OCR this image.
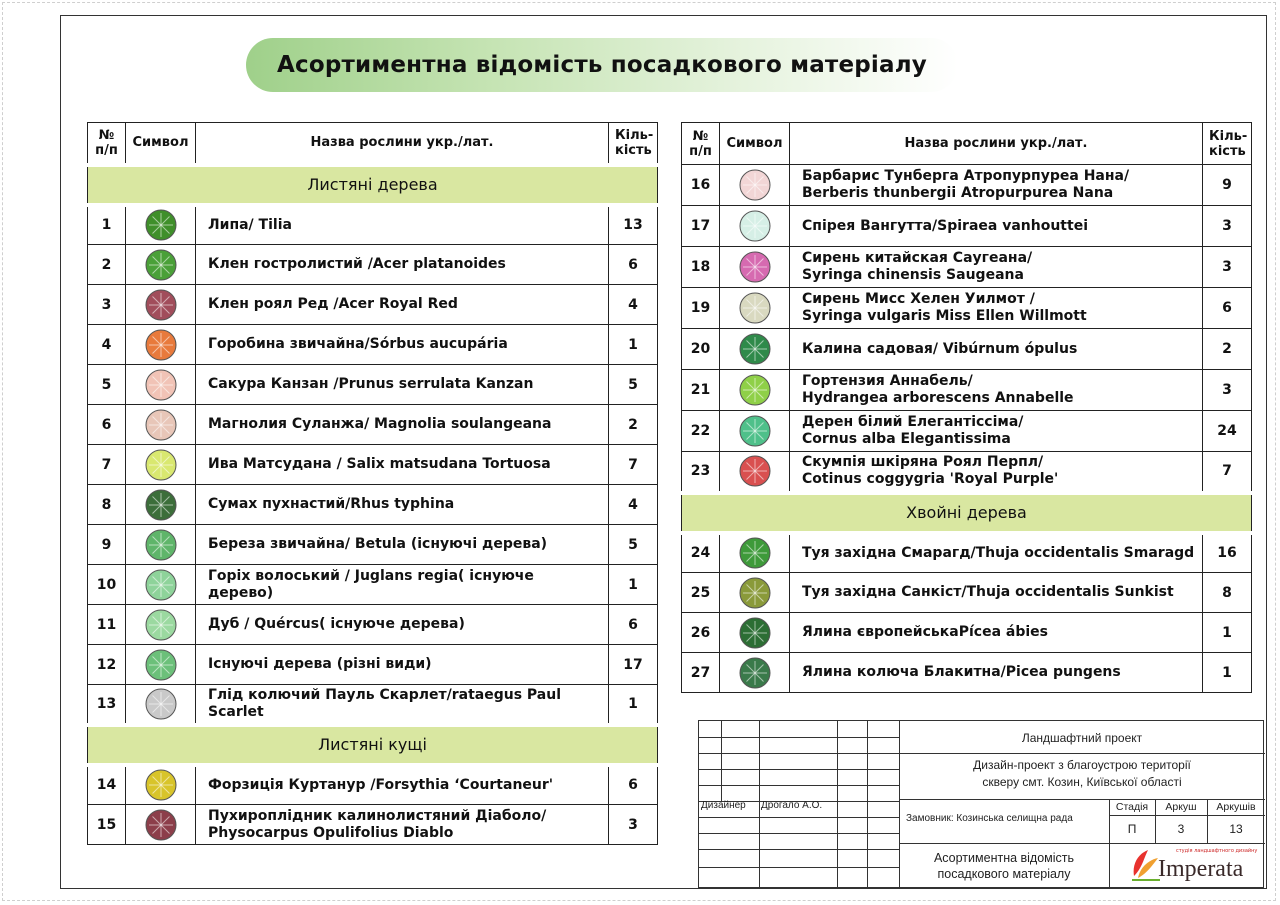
Асортиментна відомість посадкового матеріалу
№ п/п	Символ	Назва рослини укр./лат.	Кіль-кість
Листяні дерева			
1		Липа/ Tilia	13
2		Клен гостролистий /Acer platanoides	6
3		Клен роял Ред /Acer Royal Red	4
4		Горобина звичайна/Sórbus aucupária	1
5		Сакура Канзан /Prunus serrulata Kanzan	5
6		Магнолия Суланжа/ Magnolia soulangeana	2
7		Ива Матсудана / Salix matsudana Tortuosa	7
8		Сумах пухнастий/Rhus typhina	4
9		Береза звичайна/ Betula (існуючі дерева)	5
10		Горіх волоський / Juglans regia( існуюче дерево)	1
11		Дуб / Quércus( існуюче дерева)	6
12		Існуючі дерева (різні види)	17
13		Глід колючий Пауль Скарлет/rataegus Paul Scarlet	1
Листяні кущі			
14		Форзиція Куртанур /Forsythia ‘Courtaneur'	6
15		Пухироплідник калинолистяний Діаболо/
Physocarpus Opulifolius Diablo	3
№ п/п	Символ	Назва рослини укр./лат.	Кіль-кість
16		Барбарис Тунберга Атропурпуреа Нана/
Berberis thunbergii Atropurpurea Nana	9
17		Спірея Вангутта/Spiraea vanhouttei	3
18		Сирень китайская Саугеана/
Syringa chinensis Saugeana	3
19		Сирень Мисс Хелен Уилмот /
Syringa vulgaris Miss Ellen Willmott	6
20		Калина садовая/ Vibúrnum ópulus	2
21		Гортензия Аннабель/
Hydrangea arborescens Annabelle	3
22		Дерен білий Елегантіссіма/
Cornus alba Elegantissima	24
23		Скумпія шкіряна Роял Перпл/
Cotinus coggygria 'Royal Purple'	7
Хвойні дерева			
24		Туя західна Смарагд/Thuja occidentalis Smaragd	16
25		Туя західна Санкіст/Thuja occidentalis Sunkist	8
26		Ялина європейськаPícea ábies	1
27		Ялина колюча Блакитна/Picea pungens	1
Ландшафтний проект
Дизайн-проект з благоустрою території
скверу смт. Козин, Київської області
Дизайнер Дрогало А.О.
Замовник: Козинська селищна рада
Стадія	Аркуш	Аркушів
П	3	13
Асортиментна відомість
посадкового матеріалу	Imperata
студія ландшафтного дизайну
